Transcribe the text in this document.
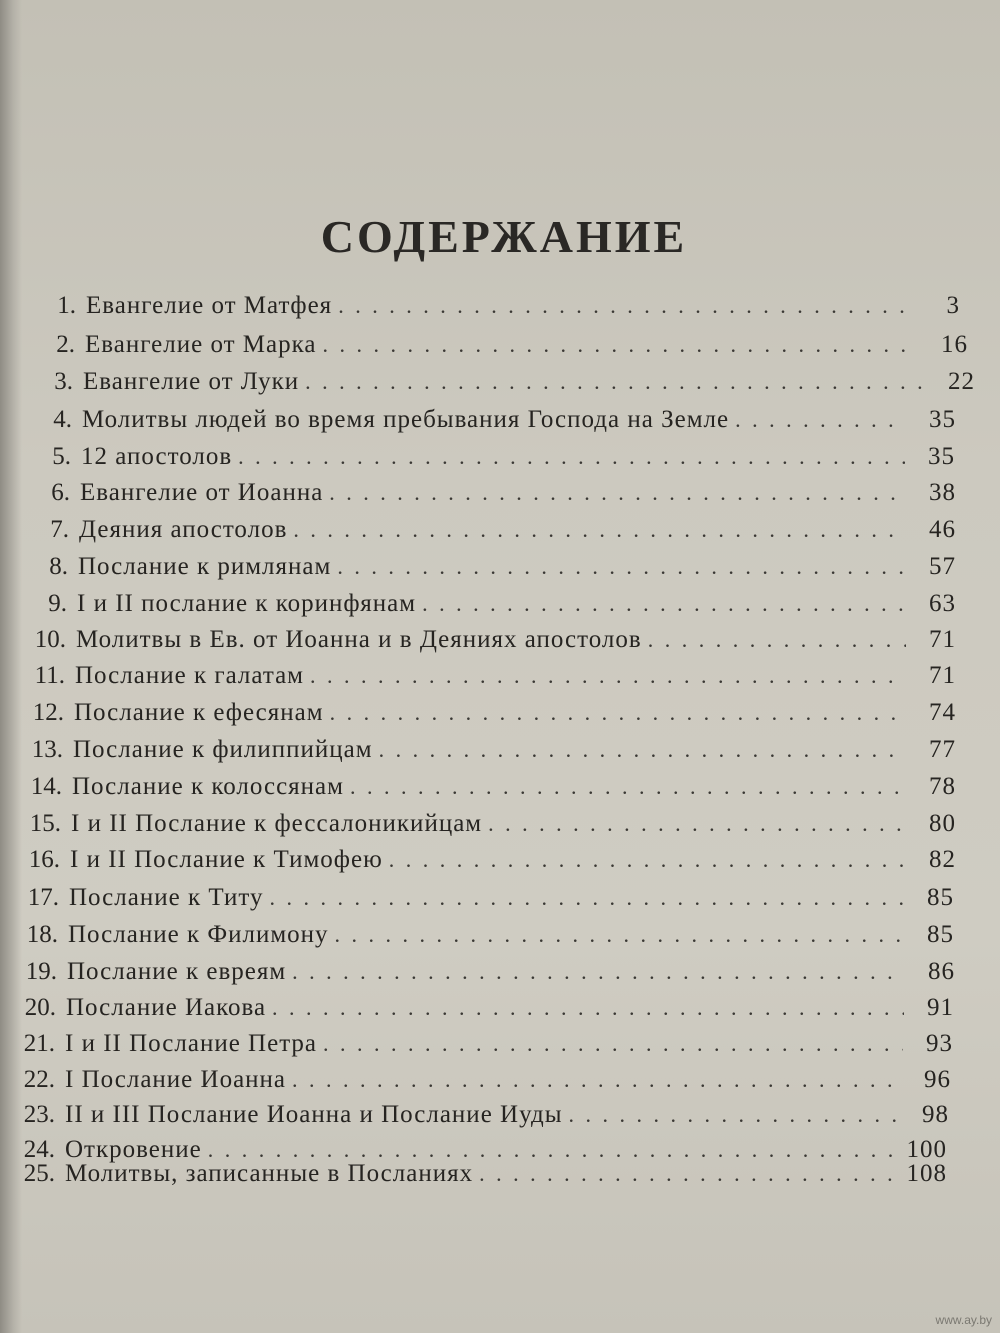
СОДЕРЖАНИЕ
1. Евангелие от Матфея . . .	3
2. Евангелие от Марка . . .	16
3. Евангелие от Луки . . .	22
4. Молитвы людей во время пребывания Господа на Земле . . .	35
5. 12 апостолов . . .	35
6. Евангелие от Иоанна . . .	38
7. Деяния апостолов . . .	46
8. Послание к римлянам . . .	57
9. I и II послание к коринфянам . . .	63
10. Молитвы в Ев. от Иоанна и в Деяниях апостолов . . .	71
11. Послание к галатам . . .	71
12. Послание к ефесянам . . .	74
13. Послание к филиппийцам . . .	77
14. Послание к колоссянам . . .	78
15. I и II Послание к фессалоникийцам . . .	80
16. I и II Послание к Тимофею . . .	82
17. Послание к Титу . . .	85
18. Послание к Филимону . . .	85
19. Послание к евреям . . .	86
20. Послание Иакова . . .	91
21. I и II Послание Петра . . .	93
22. I Послание Иоанна . . .	96
23. II и III Послание Иоанна и Послание Иуды . . .	98
24. Откровение . . .	100
25. Молитвы, записанные в Посланиях . . .	108
www.ay.by
